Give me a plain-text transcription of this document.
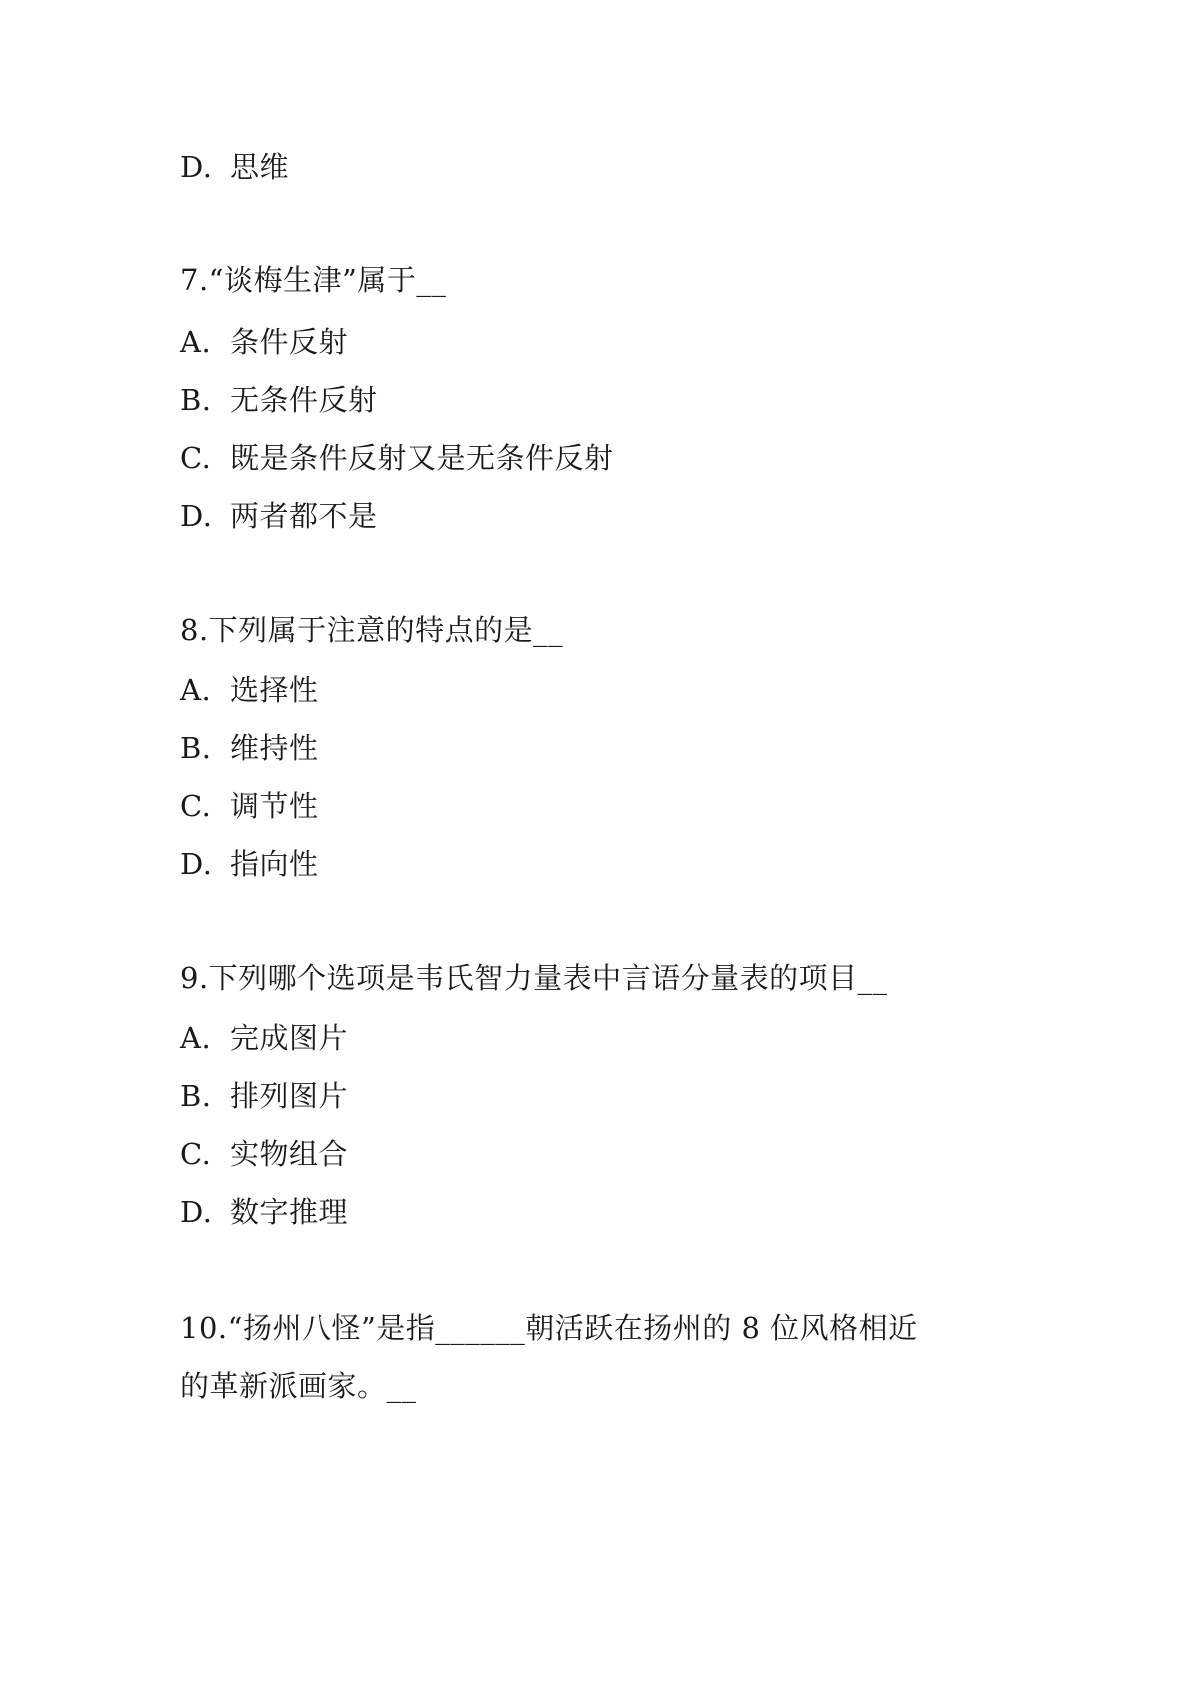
D. 思维
7.“谈梅生津”属于__
A. 条件反射
B. 无条件反射
C. 既是条件反射又是无条件反射
D. 两者都不是
8.下列属于注意的特点的是__
A. 选择性
B. 维持性
C. 调节性
D. 指向性
9.下列哪个选项是韦氏智力量表中言语分量表的项目__
A. 完成图片
B. 排列图片
C. 实物组合
D. 数字推理
10.“扬州八怪”是指______朝活跃在扬州的 8 位风格相近
的革新派画家。__
